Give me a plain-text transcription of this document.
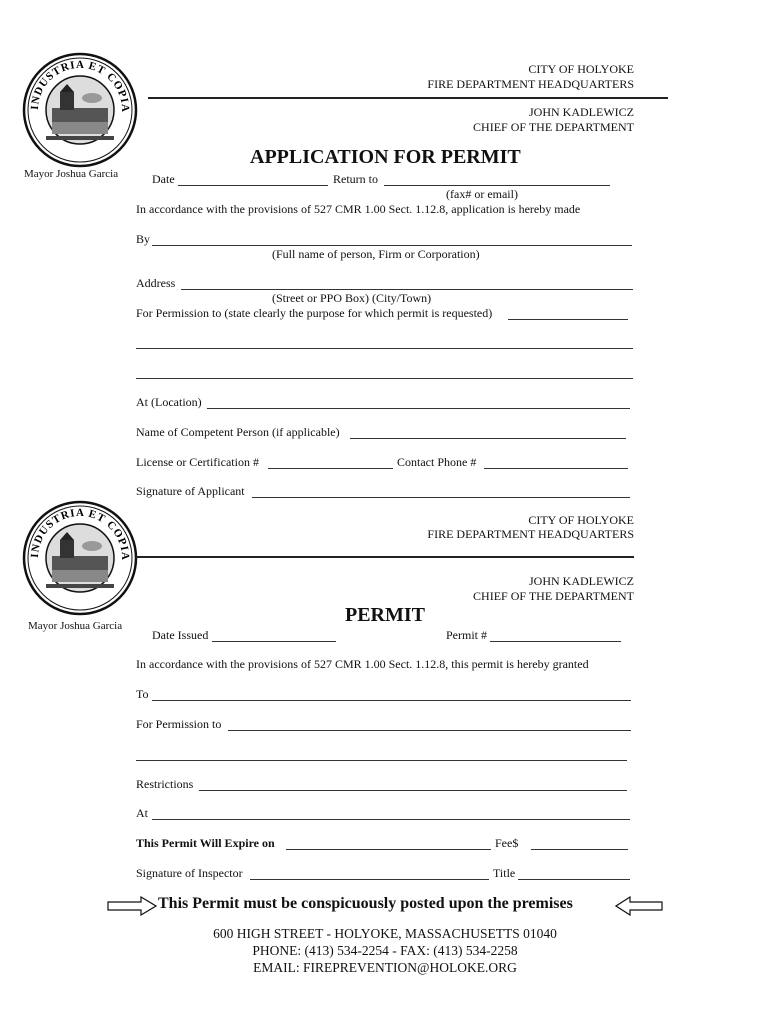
INDUSTRIA ET COPIA
Mayor Joshua Garcia
CITY OF HOLYOKE
FIRE DEPARTMENT HEADQUARTERS
JOHN KADLEWICZ
CHIEF OF THE DEPARTMENT
APPLICATION FOR PERMIT
Date	Return to
(fax# or email)
In accordance with the provisions of 527 CMR 1.00 Sect. 1.12.8, application is hereby made
By
(Full name of person, Firm or Corporation)
Address
(Street or PPO Box) (City/Town)
For Permission to (state clearly the purpose for which permit is requested)
At (Location)
Name of Competent Person (if applicable)
License or Certification #	Contact Phone #
Signature of Applicant
INDUSTRIA ET COPIA
Mayor Joshua Garcia
CITY OF HOLYOKE
FIRE DEPARTMENT HEADQUARTERS
JOHN KADLEWICZ
CHIEF OF THE DEPARTMENT
PERMIT
Date Issued	Permit #
In accordance with the provisions of 527 CMR 1.00 Sect. 1.12.8, this permit is hereby granted
To
For Permission to
Restrictions
At
This Permit Will Expire on	Fee$
Signature of Inspector	Title
This Permit must be conspicuously posted upon the premises
600 HIGH STREET - HOLYOKE, MASSACHUSETTS 01040
PHONE: (413) 534-2254 - FAX: (413) 534-2258
EMAIL: FIREPREVENTION@HOLOKE.ORG
